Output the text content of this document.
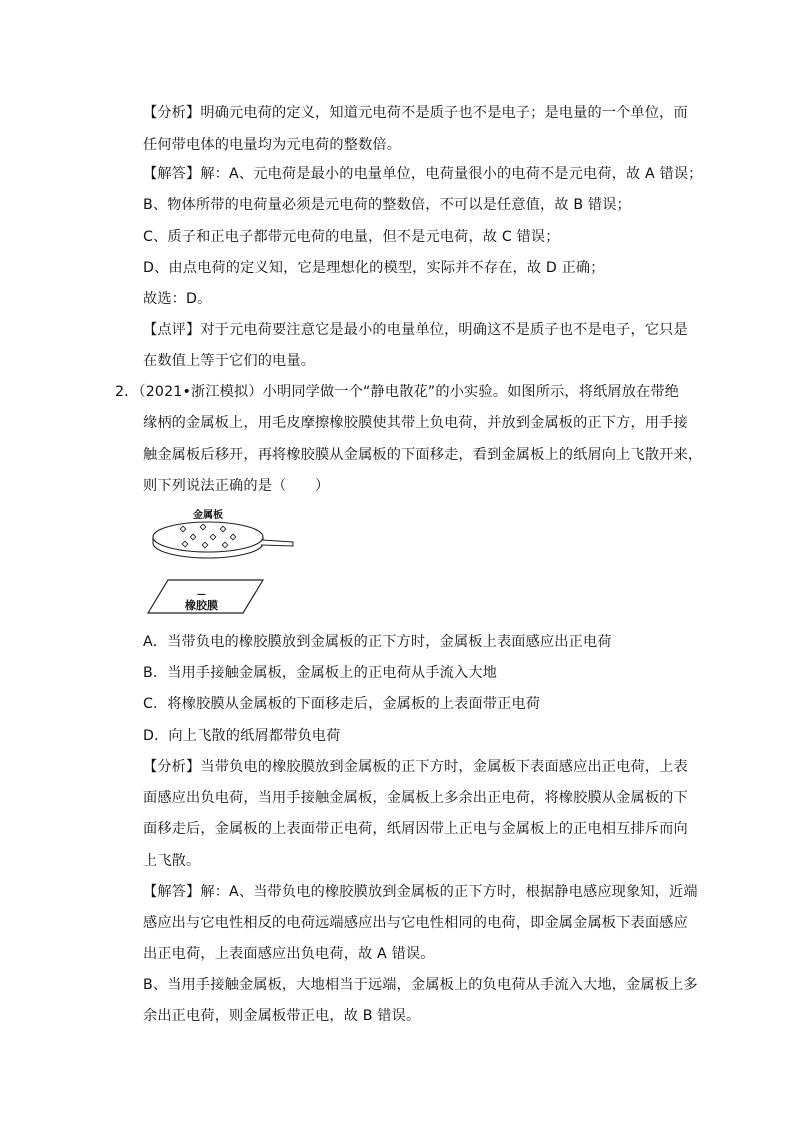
【分析】明确元电荷的定义，知道元电荷不是质子也不是电子；是电量的一个单位，而
任何带电体的电量均为元电荷的整数倍。
【解答】解：A、元电荷是最小的电量单位，电荷量很小的电荷不是元电荷，故 A 错误；
B、物体所带的电荷量必须是元电荷的整数倍，不可以是任意值，故 B 错误；
C、质子和正电子都带元电荷的电量，但不是元电荷，故 C 错误；
D、由点电荷的定义知，它是理想化的模型，实际并不存在，故 D 正确；
故选：D。
【点评】对于元电荷要注意它是最小的电量单位，明确这不是质子也不是电子，它只是
在数值上等于它们的电量。
2．（2021•浙江模拟）小明同学做一个“静电散花”的小实验。如图所示，将纸屑放在带绝
缘柄的金属板上，用毛皮摩擦橡胶膜使其带上负电荷，并放到金属板的正下方，用手接
触金属板后移开，再将橡胶膜从金属板的下面移走，看到金属板上的纸屑向上飞散开来，
则下列说法正确的是（　　）
金属板
—
橡胶膜
A．当带负电的橡胶膜放到金属板的正下方时，金属板上表面感应出正电荷
B．当用手接触金属板，金属板上的正电荷从手流入大地
C．将橡胶膜从金属板的下面移走后，金属板的上表面带正电荷
D．向上飞散的纸屑都带负电荷
【分析】当带负电的橡胶膜放到金属板的正下方时，金属板下表面感应出正电荷，上表
面感应出负电荷，当用手接触金属板，金属板上多余出正电荷，将橡胶膜从金属板的下
面移走后，金属板的上表面带正电荷，纸屑因带上正电与金属板上的正电相互排斥而向
上飞散。
【解答】解：A、当带负电的橡胶膜放到金属板的正下方时，根据静电感应现象知，近端
感应出与它电性相反的电荷远端感应出与它电性相同的电荷，即金属金属板下表面感应
出正电荷，上表面感应出负电荷，故 A 错误。
B、当用手接触金属板，大地相当于远端，金属板上的负电荷从手流入大地，金属板上多
余出正电荷，则金属板带正电，故 B 错误。
